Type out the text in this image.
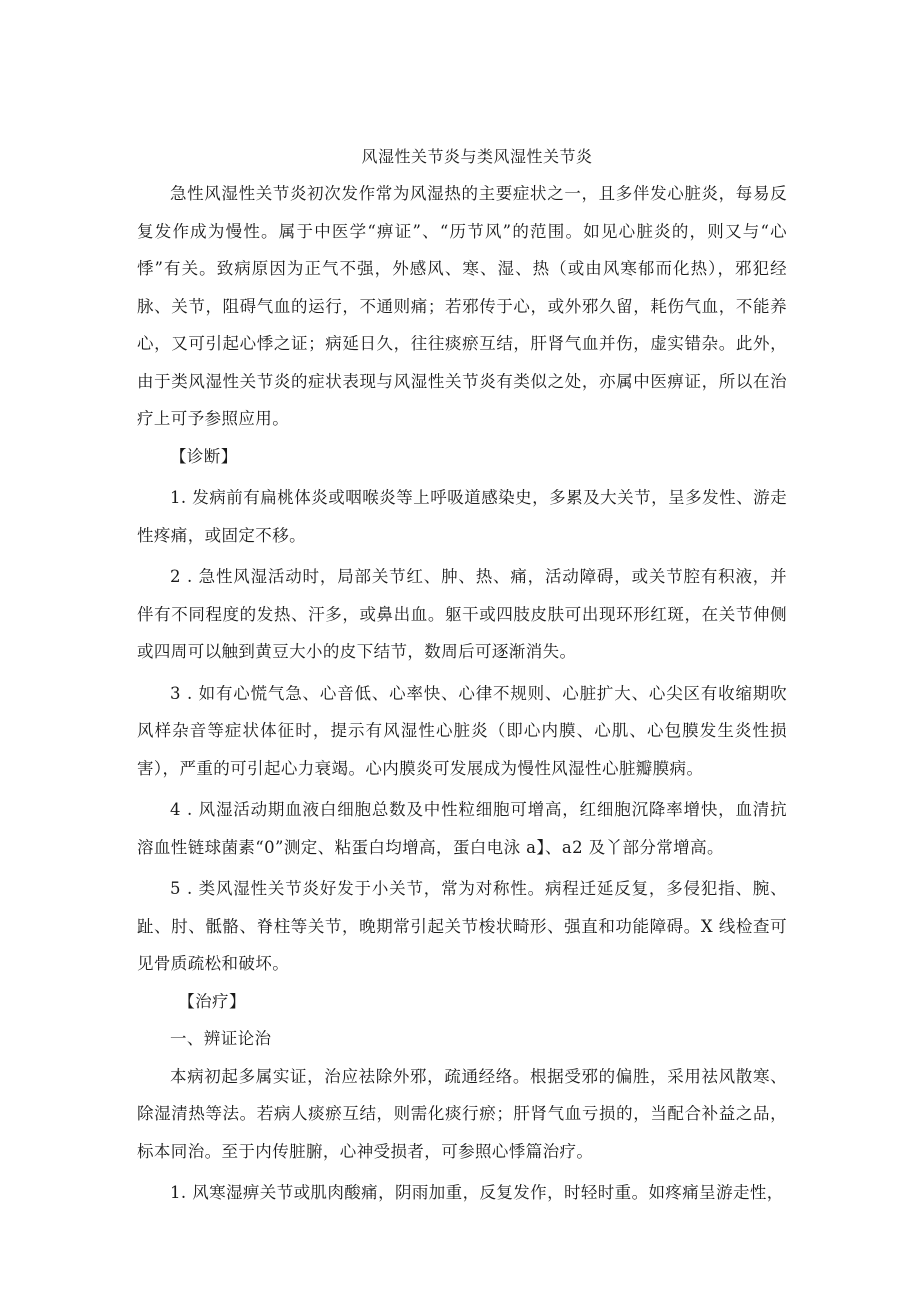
风湿性关节炎与类风湿性关节炎

急性风湿性关节炎初次发作常为风湿热的主要症状之一，且多伴发心脏炎，每易反复发作成为慢性。属于中医学“痹证”、“历节风”的范围。如见心脏炎的，则又与“心悸”有关。致病原因为正气不强，外感风、寒、湿、热（或由风寒郁而化热），邪犯经脉、关节，阻碍气血的运行，不通则痛；若邪传于心，或外邪久留，耗伤气血，不能养心，又可引起心悸之证；病延日久，往往痰瘀互结，肝肾气血并伤，虚实错杂。此外，由于类风湿性关节炎的症状表现与风湿性关节炎有类似之处，亦属中医痹证，所以在治疗上可予参照应用。

【诊断】

1. 发病前有扁桃体炎或咽喉炎等上呼吸道感染史，多累及大关节，呈多发性、游走性疼痛，或固定不移。

2 . 急性风湿活动时，局部关节红、肿、热、痛，活动障碍，或关节腔有积液，并伴有不同程度的发热、汗多，或鼻出血。躯干或四肢皮肤可出现环形红斑，在关节伸侧或四周可以触到黄豆大小的皮下结节，数周后可逐渐消失。

3 . 如有心慌气急、心音低、心率快、心律不规则、心脏扩大、心尖区有收缩期吹风样杂音等症状体征时，提示有风湿性心脏炎（即心内膜、心肌、心包膜发生炎性损害），严重的可引起心力衰竭。心内膜炎可发展成为慢性风湿性心脏瓣膜病。

4 . 风湿活动期血液白细胞总数及中性粒细胞可增高，红细胞沉降率增快，血清抗溶血性链球菌素“0”测定、粘蛋白均增高，蛋白电泳 a】、a2 及丫部分常增高。

5 . 类风湿性关节炎好发于小关节，常为对称性。病程迁延反复，多侵犯指、腕、趾、肘、骶骼、脊柱等关节，晚期常引起关节梭状畸形、强直和功能障碍。X 线检查可见骨质疏松和破坏。

【治疗】
一、辨证论治

本病初起多属实证，治应祛除外邪，疏通经络。根据受邪的偏胜，采用祛风散寒、除湿清热等法。若病人痰瘀互结，则需化痰行瘀；肝肾气血亏损的，当配合补益之品，标本同治。至于内传脏腑，心神受损者，可参照心悸篇治疗。

1. 风寒湿痹关节或肌肉酸痛，阴雨加重，反复发作，时轻时重。如疼痛呈游走性，
